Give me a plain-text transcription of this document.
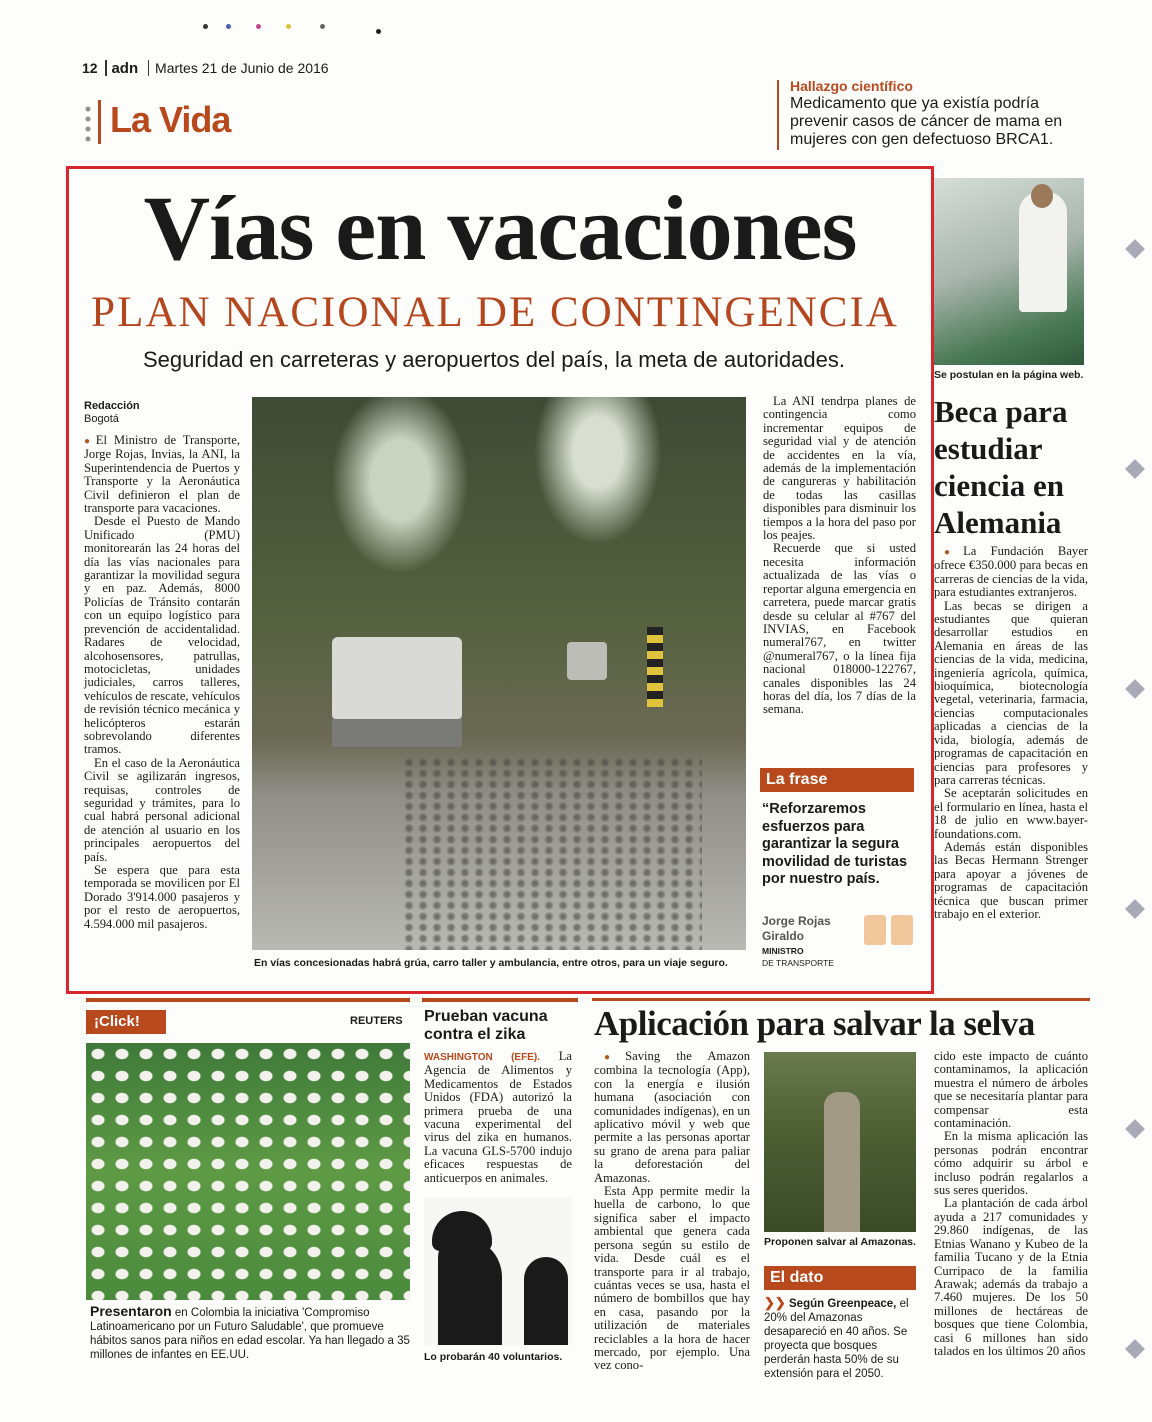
12 adn Martes 21 de Junio de 2016
La Vida
Hallazgo científico
Medicamento que ya existía podría prevenir casos de cáncer de mama en mujeres con gen defectuoso BRCA1.
Vías en vacaciones
PLAN NACIONAL DE CONTINGENCIA
Seguridad en carreteras y aeropuertos del país, la meta de autoridades.
Redacción
Bogotá

● El Ministro de Transporte, Jorge Rojas, Invias, la ANI, la Superintendencia de Puertos y Transporte y la Aeronáutica Civil definieron el plan de transporte para vacaciones.

Desde el Puesto de Mando Unificado (PMU) monitorearán las 24 horas del día las vías nacionales para garantizar la movilidad segura y en paz. Además, 8000 Policías de Tránsito contarán con un equipo logístico para prevención de accidentalidad. Radares de velocidad, alcohosensores, patrullas, motocicletas, unidades judiciales, carros talleres, vehículos de rescate, vehículos de revisión técnico mecánica y helicópteros estarán sobrevolando diferentes tramos.

En el caso de la Aeronáutica Civil se agilizarán ingresos, requisas, controles de seguridad y trámites, para lo cual habrá personal adicional de atención al usuario en los principales aeropuertos del país.

Se espera que para esta temporada se movilicen por El Dorado 3'914.000 pasajeros y por el resto de aeropuertos, 4.594.000 mil pasajeros.

En vías concesionadas habrá grúa, carro taller y ambulancia, entre otros, para un viaje seguro.

La ANI tendrpa planes de contingencia como incrementar equipos de seguridad vial y de atención de accidentes en la vía, además de la implementación de cangureras y habilitación de todas las casillas disponibles para disminuir los tiempos a la hora del paso por los peajes.

Recuerde que si usted necesita información actualizada de las vías o reportar alguna emergencia en carretera, puede marcar gratis desde su celular al #767 del INVIAS, en Facebook numeral767, en twitter @numeral767, o la línea fija nacional 018000-122767, canales disponibles las 24 horas del día, los 7 días de la semana.

La frase
“Reforzaremos esfuerzos para garantizar la segura movilidad de turistas por nuestro país.
Jorge Rojas Giraldo
MINISTRO
DE TRANSPORTE
Se postulan en la página web.
Beca para estudiar ciencia en Alemania

● La Fundación Bayer ofrece €350.000 para becas en carreras de ciencias de la vida, para estudiantes extranjeros.

Las becas se dirigen a estudiantes que quieran desarrollar estudios en Alemania en áreas de las ciencias de la vida, medicina, ingeniería agrícola, química, bioquímica, biotecnología vegetal, veterinaria, farmacia, ciencias computacionales aplicadas a ciencias de la vida, biología, además de programas de capacitación en ciencias para profesores y para carreras técnicas.

Se aceptarán solicitudes en el formulario en línea, hasta el 18 de julio en www.bayer-foundations.com.

Además están disponibles las Becas Hermann Strenger para apoyar a jóvenes de programas de capacitación técnica que buscan primer trabajo en el exterior.

¡Click!	REUTERS
Presentaron en Colombia la iniciativa 'Compromiso Latinoamericano por un Futuro Saludable', que promueve hábitos sanos para niños en edad escolar. Ya han llegado a 35 millones de infantes en EE.UU.
Prueban vacuna contra el zika
WASHINGTON (EFE). La Agencia de Alimentos y Medicamentos de Estados Unidos (FDA) autorizó la primera prueba de una vacuna experimental del virus del zika en humanos. La vacuna GLS-5700 indujo eficaces respuestas de anticuerpos en animales.
Lo probarán 40 voluntarios.
Aplicación para salvar la selva

● Saving the Amazon combina la tecnología (App), con la energía e ilusión humana (asociación con comunidades indígenas), en un aplicativo móvil y web que permite a las personas aportar su grano de arena para paliar la deforestación del Amazonas.

Esta App permite medir la huella de carbono, lo que significa saber el impacto ambiental que genera cada persona según su estilo de vida. Desde cuál es el transporte para ir al trabajo, cuántas veces se usa, hasta el número de bombillos que hay en casa, pasando por la utilización de materiales reciclables a la hora de hacer mercado, por ejemplo. Una vez cono-

Proponen salvar al Amazonas.
El dato
❯❯ Según Greenpeace, el 20% del Amazonas desapareció en 40 años. Se proyecta que bosques perderán hasta 50% de su extensión para el 2050.

cido este impacto de cuánto contaminamos, la aplicación muestra el número de árboles que se necesitaría plantar para compensar esta contaminación.

En la misma aplicación las personas podrán encontrar cómo adquirir su árbol e incluso podrán regalarlos a sus seres queridos.

La plantación de cada árbol ayuda a 217 comunidades y 29.860 indígenas, de las Etnias Wanano y Kubeo de la familia Tucano y de la Etnia Curripaco de la familia Arawak; además da trabajo a 7.460 mujeres. De los 50 millones de hectáreas de bosques que tiene Colombia, casi 6 millones han sido talados en los últimos 20 años
